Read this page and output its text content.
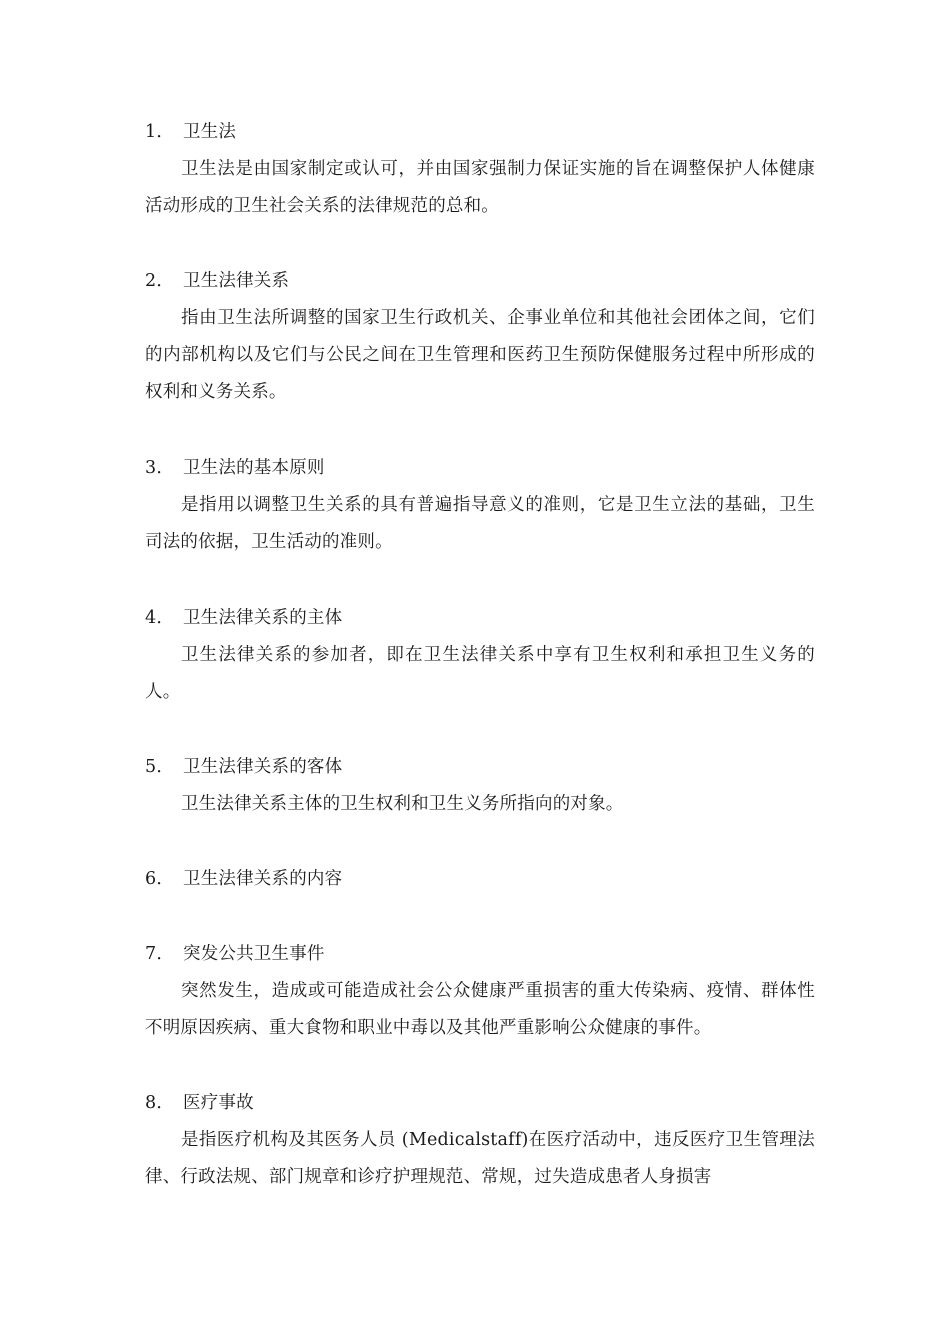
1． 卫生法
卫生法是由国家制定或认可，并由国家强制力保证实施的旨在调整保护人体健康活动形成的卫生社会关系的法律规范的总和。
2． 卫生法律关系
指由卫生法所调整的国家卫生行政机关、企事业单位和其他社会团体之间，它们的内部机构以及它们与公民之间在卫生管理和医药卫生预防保健服务过程中所形成的权利和义务关系。
3． 卫生法的基本原则
是指用以调整卫生关系的具有普遍指导意义的准则，它是卫生立法的基础，卫生司法的依据，卫生活动的准则。
4． 卫生法律关系的主体
卫生法律关系的参加者，即在卫生法律关系中享有卫生权利和承担卫生义务的人。
5． 卫生法律关系的客体
卫生法律关系主体的卫生权利和卫生义务所指向的对象。
6． 卫生法律关系的内容
7． 突发公共卫生事件
突然发生，造成或可能造成社会公众健康严重损害的重大传染病、疫情、群体性不明原因疾病、重大食物和职业中毒以及其他严重影响公众健康的事件。
8． 医疗事故
是指医疗机构及其医务人员 (Medicalstaff)在医疗活动中，违反医疗卫生管理法律、行政法规、部门规章和诊疗护理规范、常规，过失造成患者人身损害
